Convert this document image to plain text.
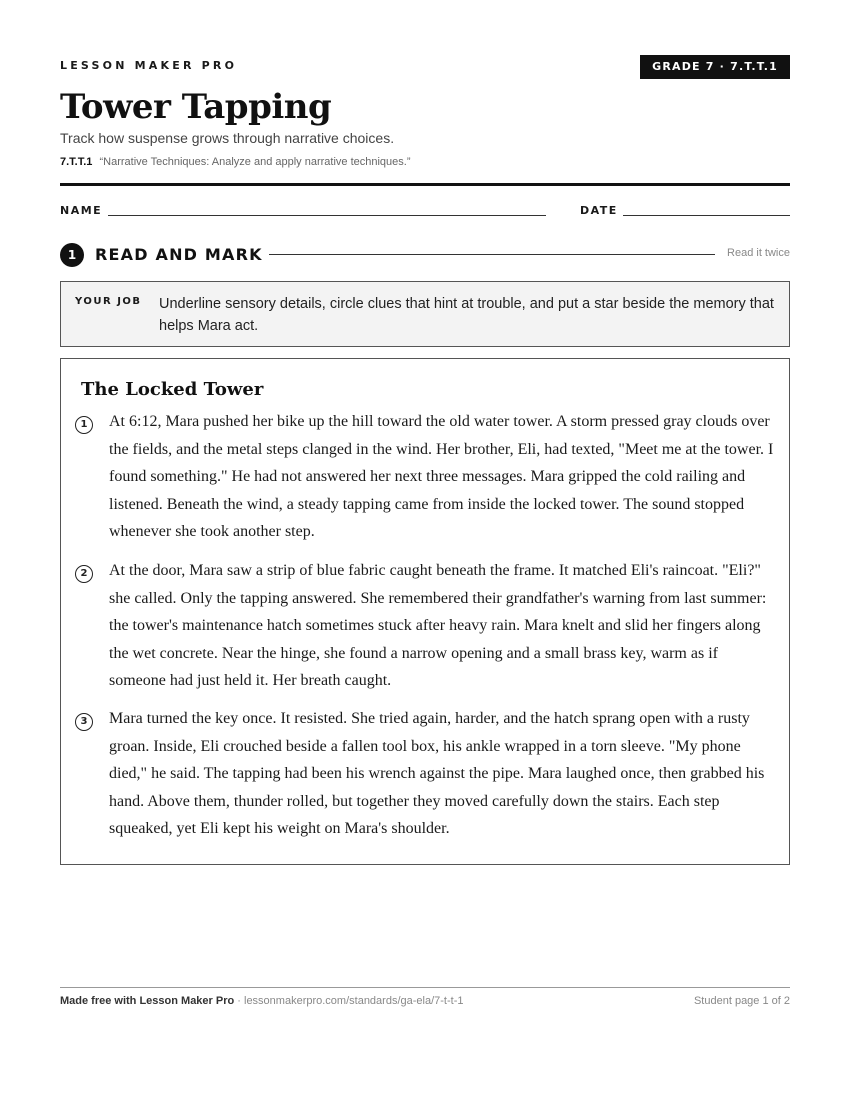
LESSON MAKER PRO	GRADE 7 · 7.T.T.1
Tower Tapping
Track how suspense grows through narrative choices.
7.T.T.1 “Narrative Techniques: Analyze and apply narrative techniques.”
NAME	DATE
1	READ AND MARK	Read it twice
YOUR JOB Underline sensory details, circle clues that hint at trouble, and put a star beside the memory that helps Mara act.
The Locked Tower
1	At 6:12, Mara pushed her bike up the hill toward the old water tower. A storm pressed gray clouds over the fields, and the metal steps clanged in the wind. Her brother, Eli, had texted, "Meet me at the tower. I found something." He had not answered her next three messages. Mara gripped the cold railing and listened. Beneath the wind, a steady tapping came from inside the locked tower. The sound stopped whenever she took another step.

2	At the door, Mara saw a strip of blue fabric caught beneath the frame. It matched Eli's raincoat. "Eli?" she called. Only the tapping answered. She remembered their grandfather's warning from last summer: the tower's maintenance hatch sometimes stuck after heavy rain. Mara knelt and slid her fingers along the wet concrete. Near the hinge, she found a narrow opening and a small brass key, warm as if someone had just held it. Her breath caught.

3	Mara turned the key once. It resisted. She tried again, harder, and the hatch sprang open with a rusty groan. Inside, Eli crouched beside a fallen tool box, his ankle wrapped in a torn sleeve. "My phone died," he said. The tapping had been his wrench against the pipe. Mara laughed once, then grabbed his hand. Above them, thunder rolled, but together they moved carefully down the stairs. Each step squeaked, yet Eli kept his weight on Mara's shoulder.

Made free with Lesson Maker Pro · lessonmakerpro.com/standards/ga-ela/7-t-t-1	Student page 1 of 2
